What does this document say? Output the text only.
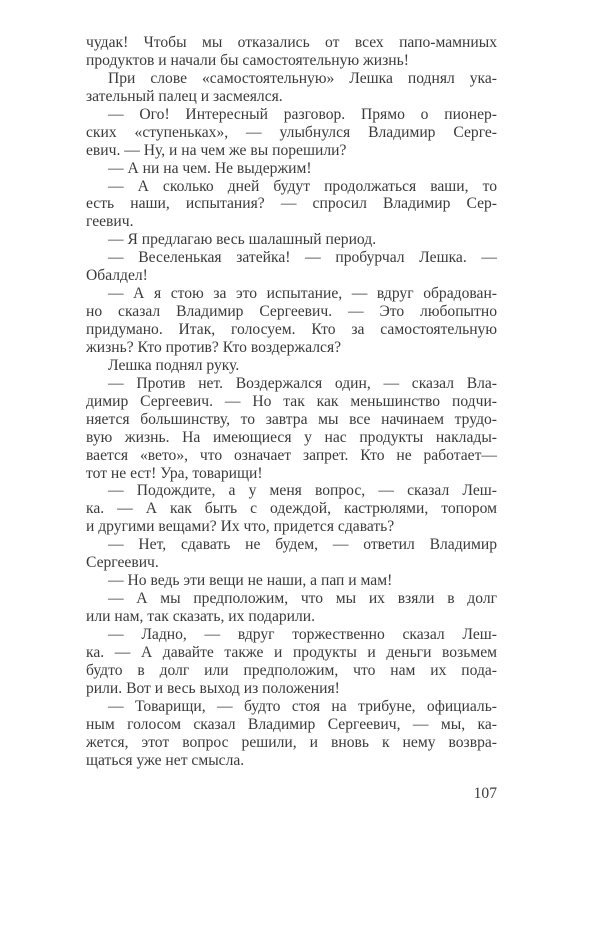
чудак! Чтобы мы отказались от всех папо-мамниых
продуктов и начали бы самостоятельную жизнь!
При слове «самостоятельную» Лешка поднял ука-
зательный палец и засмеялся.
— Ого! Интересный разговор. Прямо о пионер-
ских «ступеньках», — улыбнулся Владимир Серге-
евич. — Ну, и на чем же вы порешили?
— А ни на чем. Не выдержим!
— А сколько дней будут продолжаться ваши, то
есть наши, испытания? — спросил Владимир Сер-
геевич.
— Я предлагаю весь шалашный период.
— Веселенькая затейка! — пробурчал Лешка. —
Обалдел!
— А я стою за это испытание, — вдруг обрадован-
но сказал Владимир Сергеевич. — Это любопытно
придумано. Итак, голосуем. Кто за самостоятельную
жизнь? Кто против? Кто воздержался?
Лешка поднял руку.
— Против нет. Воздержался один, — сказал Вла-
димир Сергеевич. — Но так как меньшинство подчи-
няется большинству, то завтра мы все начинаем трудо-
вую жизнь. На имеющиеся у нас продукты наклады-
вается «вето», что означает запрет. Кто не работает—
тот не ест! Ура, товарищи!
— Подождите, а у меня вопрос, — сказал Леш-
ка. — А как быть с одеждой, кастрюлями, топором
и другими вещами? Их что, придется сдавать?
— Нет, сдавать не будем, — ответил Владимир
Сергеевич.
— Но ведь эти вещи не наши, а пап и мам!
— А мы предположим, что мы их взяли в долг
или нам, так сказать, их подарили.
— Ладно, — вдруг торжественно сказал Леш-
ка. — А давайте также и продукты и деньги возьмем
будто в долг или предположим, что нам их пода-
рили. Вот и весь выход из положения!
— Товарищи, — будто стоя на трибуне, официаль-
ным голосом сказал Владимир Сергеевич, — мы, ка-
жется, этот вопрос решили, и вновь к нему возвра-
щаться уже нет смысла.
107
